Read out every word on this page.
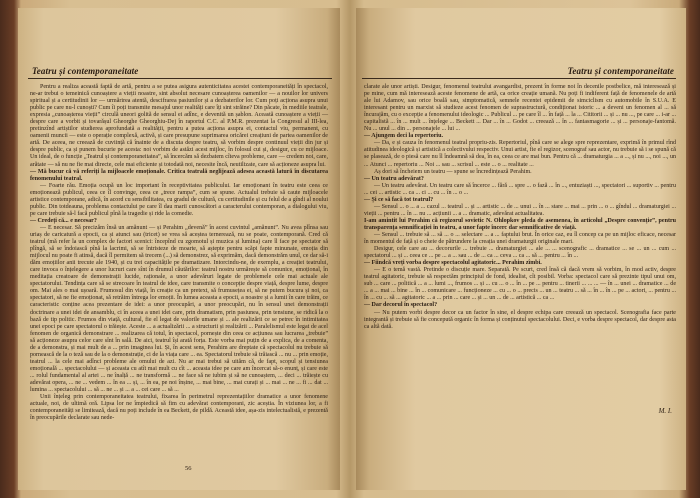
Teatru și contemporaneitate

Pentru a realiza această faptă de artă, pentru a se putea asigura autenticitatea acestei contemporaneități în spectacol, ne-ar trebui o temeinică cunoaștere a vieții noastre, sint absolut necesare cunoașterea oamenilor — a nouilor lor univers spiritual și a certitudinii lor — urmărirea atentă, descifrarea pasiunilor și a dezbaterilor lor. Cum poți acționa asupra unui public pe care nu-l cunoști? Cum îi poți transmite mesajul unor realități care îți sint străine? Din păcate, în mediile teatrale, expresia „cunoașterea vieții” circulă uneori golită de sensul ei adînc, e devenită un șablon. Această cunoaștere a vieții — despre care a vorbit și tovarășul Gheorghe Gheorghiu-Dej în raportul C.C. al P.M.R. prezentat la Congresul al III-lea, pretinzînd artiștilor studierea aprofundată a realității, pentru a putea acționa asupra ei, contactul viu, permanent, cu oamenii muncii — este o operație complexă, activă, și care presupune suprimarea oricărei creațiuni de partea oamenilor de artă. De aceea, ne creează de cuviință că înainte de a discuta despre teatru, să vorbim despre continuul vieții din jur și despre public, ca și punem bucurie pe acesta: noi vorbim de astăzi acest mijloc, în folosul cui și, desigur, cu ce mijloace. Un ideal, de o funcție „Teatrul și contemporaneitatea”, să încercăm să dezbatem cîteva probleme, care — credem noi, care, arătate — să nu ne fie mai directe, cele mai eficiente și totodată noi, necesite încă, neutilizate, care să acționeze asupra lui.

— Mă bucur că vă referiți la mijloacele emoționale. Critica teatrală neglijează adesea această latură în discutarea fenomenului teatral.

— Foarte rău. Emoția ocupă un loc important în receptivitatea publicului. Iar emoționant în teatru este ceea ce emoționează publicul, ceea ce îl convinge, ceea ce „trece rampa”, cum se spune. Actualul trebuie să caute mijloacele artistice contemporane, adică, în acord cu sensibilitatea, cu gradul de cultură, cu certitudinile și cu felul de a gîndi al noului public. Din totdeauna, problema contactului pe care îl dau marii cunoscători a caracterului contemporan, a dialogului viu, pe care trebuie să-l facă publicul pînă la tragedie și ride la comedie.

— Credeți că... e necesar?

— E necesar. Să precizăm însă un amănunt — și Perahim „devenă” în acest cuvintul „amănunt”. Nu avea plînsa sau uriaș de caricatură a epocii, ca și atunci sau (tricet) se vrea să aceștea ternerează, nu se poate, contemporană. Cred că teatrul (mă refer la un complex de factori scenici: începînd cu zgomotul și muzica și lumina) care îl face pe spectator să plîngă, să se îndoiască pînă la lacrimi, să se întristeze de moarte, să aștepte pentru scăpi fapte minunate, emoția din mijlocul nu poate fi atinsă, dacă îl permitem să trecem (...) să demonstrez, să exprimăm, dacă demonstrăm unul, ce dar să-i dăm emoțiilor anii trecute ale 1940, și cu trei capacitățile pe dramatizare. Intorcindu-ne, de exemplu, a creației teatrului, care invoca o înțelegere a unor lucruri care sînt în drumul căutărilor: teatrul nostru urmărește să comunice, emoțional, în meditația creatoare de demonstrații lucide, raționale, a unor adevăruri legate de problemele cele mai actuale ale spectatorului. Tendința care să se strecoare în teatrul de idee, care transmite o concepție despre viață, despre lume, despre om. Mai ales o mai ușoară. Frumosul din viață, în creație ca un pretext, să frumusețea ei, să ne putem bucura și noi, ca spectatori, să ne fie emoționat, să retrăim întrega lor emoții. În lumea aceasta a epocii, a noastre și a lumii în care trăim, ce caracteristic conține acea prezentare de idei: a unor preocupări, a unor preocupări, nu în sensul unei demonstrații doctrinare a unei idei de ansamblu, ci în aceea a unei idei care, prin dramatism, prin pasiunea, prin tensiune, se ridică la o bază de tip politic. Frumos din viață, cultural, fie el legat de valorile umane și ... ale realizării ce se petrec în intimitatea unei epoci pe care spectatorul o trăiește. Aceste ... a actualizării ... a structurii și realizării ... Paralelismul este legat de acel fenomen de organică demonstrare ... realizarea că totul, în spectacol, pornește din ceea ce acțiunea sau lucrarea „trebuie” să acționeze asupra celor care sînt în sală. De aici, teatrul își arată forța. Este vorba mai puțin de a explica, de a comenta, de a demonstra, și mai mult de a ... prin imaginea lui. Și, în acest sens, Perahim are dreptate că spectacolul nu trebuie să pornească de la o teză sau de la o demonstrație, ci de la viața care ... ea. Spectatorul trebuie să trăiască ... nu ... prin emoție, teatrul ... la cele mai adînci probleme ale omului de azi. Nu ar mai trebui să uităm că, de fapt, scopul și tensiunea emoțională ... spectacolului — și aceasta cu atît mai mult cu cît ... aceasta idee pe care am încercat să-o enunț, și care este ... rolul fundamental al artei ... ne înalță ... ne transformă ... ne face să ne iubim și să ne cunoaștem, ... deci ... trăiește cu adevărat opera, ... ne ... vedem ... în ea ... și, ... în ea, pe noi înșine, ... mai bine, ... mai curați și ... mai ... ne ... fi ... dat ... lumina ... spectacolului ... să ... ne ... și ... a ... cei care ... să ...

Unii înțeleg prin contemporaneitatea teatrului, fixarea în perimetrul reprezentațiilor dramatice a unor fenomene actuale, noi, de ultimă oră. Lipsa lor ne împiedică să fim cu adevărat contemporani, zic aceștia. În viziunea lor, a fi contemporaneități se limitează, dacă nu poți include în ea Beckett, de pildă. Această idee, așa-zis intelectualistă, e prezentă în preocupările declarate sau nede-

56
Teatru și contemporaneitate

clarate ale unor artiști. Desigur, fenomenul teatrului avangardist, prezent în forme noi în decenile postbelice, mă interesează și pe mine, cum mă interesează aceste fenomene de artă, ca orice creație umană. Nu poți fi indiferent față de fenomenele de artă ale lui Adamov, sau orice boală sau, simptomatică, semnele recentei epidemii de simciclism cu automobile în S.U.A. E interesant pentru un marxist să studieze acest fenomen de suprastructură, condiționat istoric ... a deveni un fenomen al ... să încurajăm, cu o excepție a fenomenului ideologic ... Publicul ... pe care îl ... în față ... la ... Cititorii ... și ... nu ..., pe care ... i-ar ... capitalistă ... în ... mult ... înțelege ... Beckett ... Dar ... în ... Godot ... creează ... în ... fantasmagorie ... și ... personaje-fantomă. Nu ... unul ... din ... personajele ... lui ...

— Ajungem deci la repertoriu.

— Da, e și cauza în fenomenul teatral propriu-zis. Repertoriul, pînă care se alege spre reprezentare, exprimă în primul rînd atitudinea ideologică și artistică a colectivului respectiv. Unui artist, fie el regizor, scenograf sau actor, nu trebuie să i se spună că se plasează, de o piesă care nu îl îndeamnă să dea, în ea, ceea ce are mai bun. Pentru că ... dramaturgia ... a ..., și nu ..., noi ..., un ... Atunci ... repertoriu ... Noi ... sau ... scrisul ... este ... o ... realitate ...

Aș dori să încheiem un teatru — spune se încredințează Perahim.

— Un teatru adevărat?

— Un teatru adevărat. Un teatru care să încerce ... fără ... spre ... o fază ... în ..., entuziaști ..., spectatori ... suportiv ... pentru ... cei ... artistic ... ca ... ci ... cu ... în ... o ...

— Și ce să facă tot teatrul?

— Sensul ... o ... a ... cazul ... teatrul ... și ... artistic ... de ... unui ... în ... stare ... mai ... prin ... o ... gîndul ... dramaturgiei ... vieții ... pentru ... în ... nu ... acțiunii ... a ... dramatic, adevărat actualitatea.

I-am amintit lui Perahim că regizorul sovietic N. Ohlopkov pleda de asemenea, în articolul „Despre convenție”, pentru transparența semnificației în teatru, a unor fapte încerc dar semnificative de viață.

— Sensul ... trebuie să ... să ... o ... selectare ... a ... faptului brut. În orice caz, eu îl concep ca pe un mijloc eficace, necesar în momentul de față și o cheie de pătrundere la creația unei dramaturgii originale mari.

Desigur, cele care au ... decorurile ... trebuie ... dramaturgiei ... ale ... ... scenografic ... dramatice ... se ... un ... cum ... spectatorul ... și ... ceea ce ... pe ... a ... sau ... de ... ca ... ceva ... ca ... să ... pentru ... în ...

— Fiindcă vreți vorba despre spectacolul agitatoric... Perahim zîmbi.

— E o temă vastă. Pretinde o discuție mare. Separată. Pe scurt, cred însă că dacă vrem să vorbim, în mod activ, despre teatrul agitatoric, trebuie să respectăm principiul de fond, idealist, cît posibil. Vorba: spectacol care să prezinte tipul unui om, sub ... care ... politică ... a ... lumi ..., frumos ... și ... cu ... o ... în ... pe ... pentru ... tinerii ... ... ... — în ... unei ... dramatice ... de ... a ... mai ... bine ... în ... comunicare ... funcționeze ... cu ... o ... precis ... un ... teatru ... să ... în ... în ... pe ... actori, ... pentru ... în ... cu ... să ... agitatoric ... a ... prin ... care ... și ... un ... de ... artistică ... ca ...

— Dar decorul în spectacol?

— Nu putem vorbi despre decor ca un factor în sine, el despre echipa care creează un spectacol. Scenografia face parte integrantă și trebuie să fie concepută organic în forma și conținutul spectacolului. Deci, e vorba despre spectacol, dar despre asta ca altă dată.

M. I.
